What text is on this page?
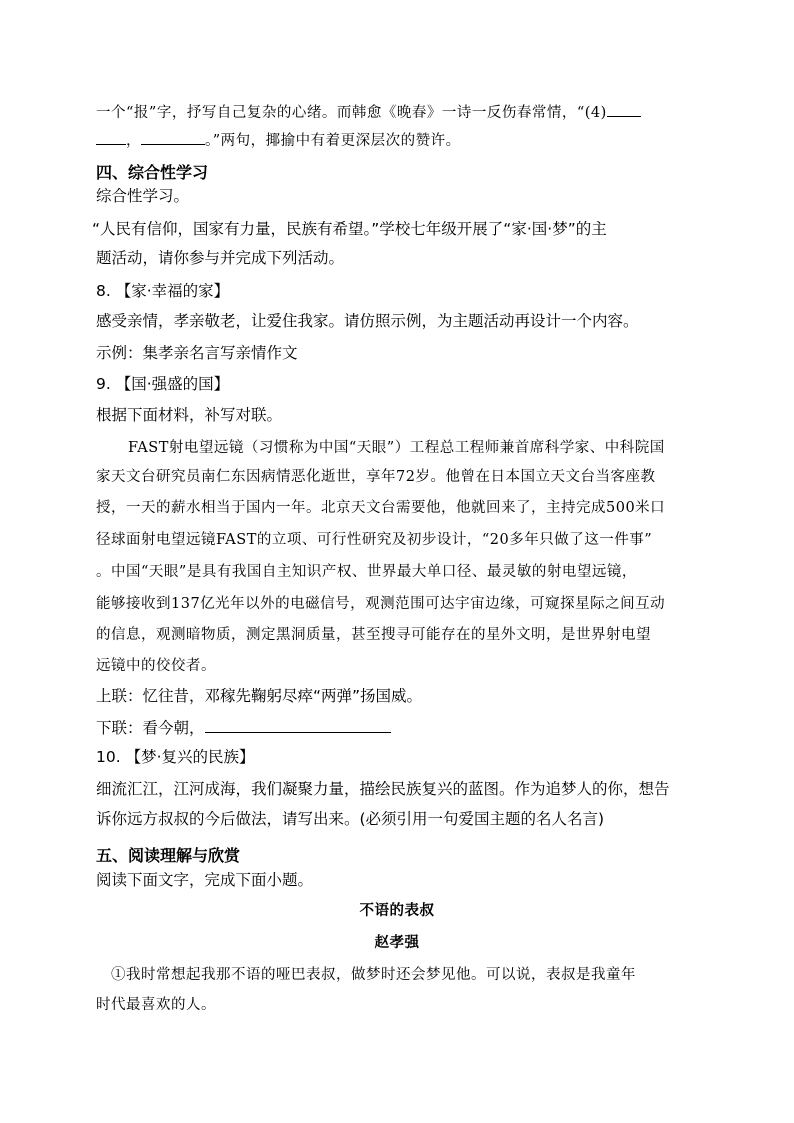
一个“报”字，抒写自己复杂的心绪。而韩愈《晚春》一诗一反伤春常情，“(4)
，	。”两句，揶揄中有着更深层次的赞许。
四、综合性学习
综合性学习。
“人民有信仰，国家有力量，民族有希望。”学校七年级开展了“家·国·梦”的主
题活动，请你参与并完成下列活动。
8. 【家·幸福的家】
感受亲情，孝亲敬老，让爱住我家。请仿照示例，为主题活动再设计一个内容。
示例：集孝亲名言写亲情作文
9. 【国·强盛的国】
根据下面材料，补写对联。
FAST射电望远镜（习惯称为中国“天眼”）工程总工程师兼首席科学家、中科院国
家天文台研究员南仁东因病情恶化逝世，享年72岁。他曾在日本国立天文台当客座教
授，一天的薪水相当于国内一年。北京天文台需要他，他就回来了，主持完成500米口
径球面射电望远镜FAST的立项、可行性研究及初步设计，“20多年只做了这一件事”
。中国“天眼”是具有我国自主知识产权、世界最大单口径、最灵敏的射电望远镜，
能够接收到137亿光年以外的电磁信号，观测范围可达宇宙边缘，可窥探星际之间互动
的信息，观测暗物质，测定黑洞质量，甚至搜寻可能存在的星外文明，是世界射电望
远镜中的佼佼者。
上联：忆往昔，邓稼先鞠躬尽瘁“两弹”扬国威。
下联：看今朝，
10. 【梦·复兴的民族】
细流汇江，江河成海，我们凝聚力量，描绘民族复兴的蓝图。作为追梦人的你，想告
诉你远方叔叔的今后做法，请写出来。(必须引用一句爱国主题的名人名言)
五、阅读理解与欣赏
阅读下面文字，完成下面小题。
不语的表叔
赵孝强
①我时常想起我那不语的哑巴表叔，做梦时还会梦见他。可以说，表叔是我童年
时代最喜欢的人。
